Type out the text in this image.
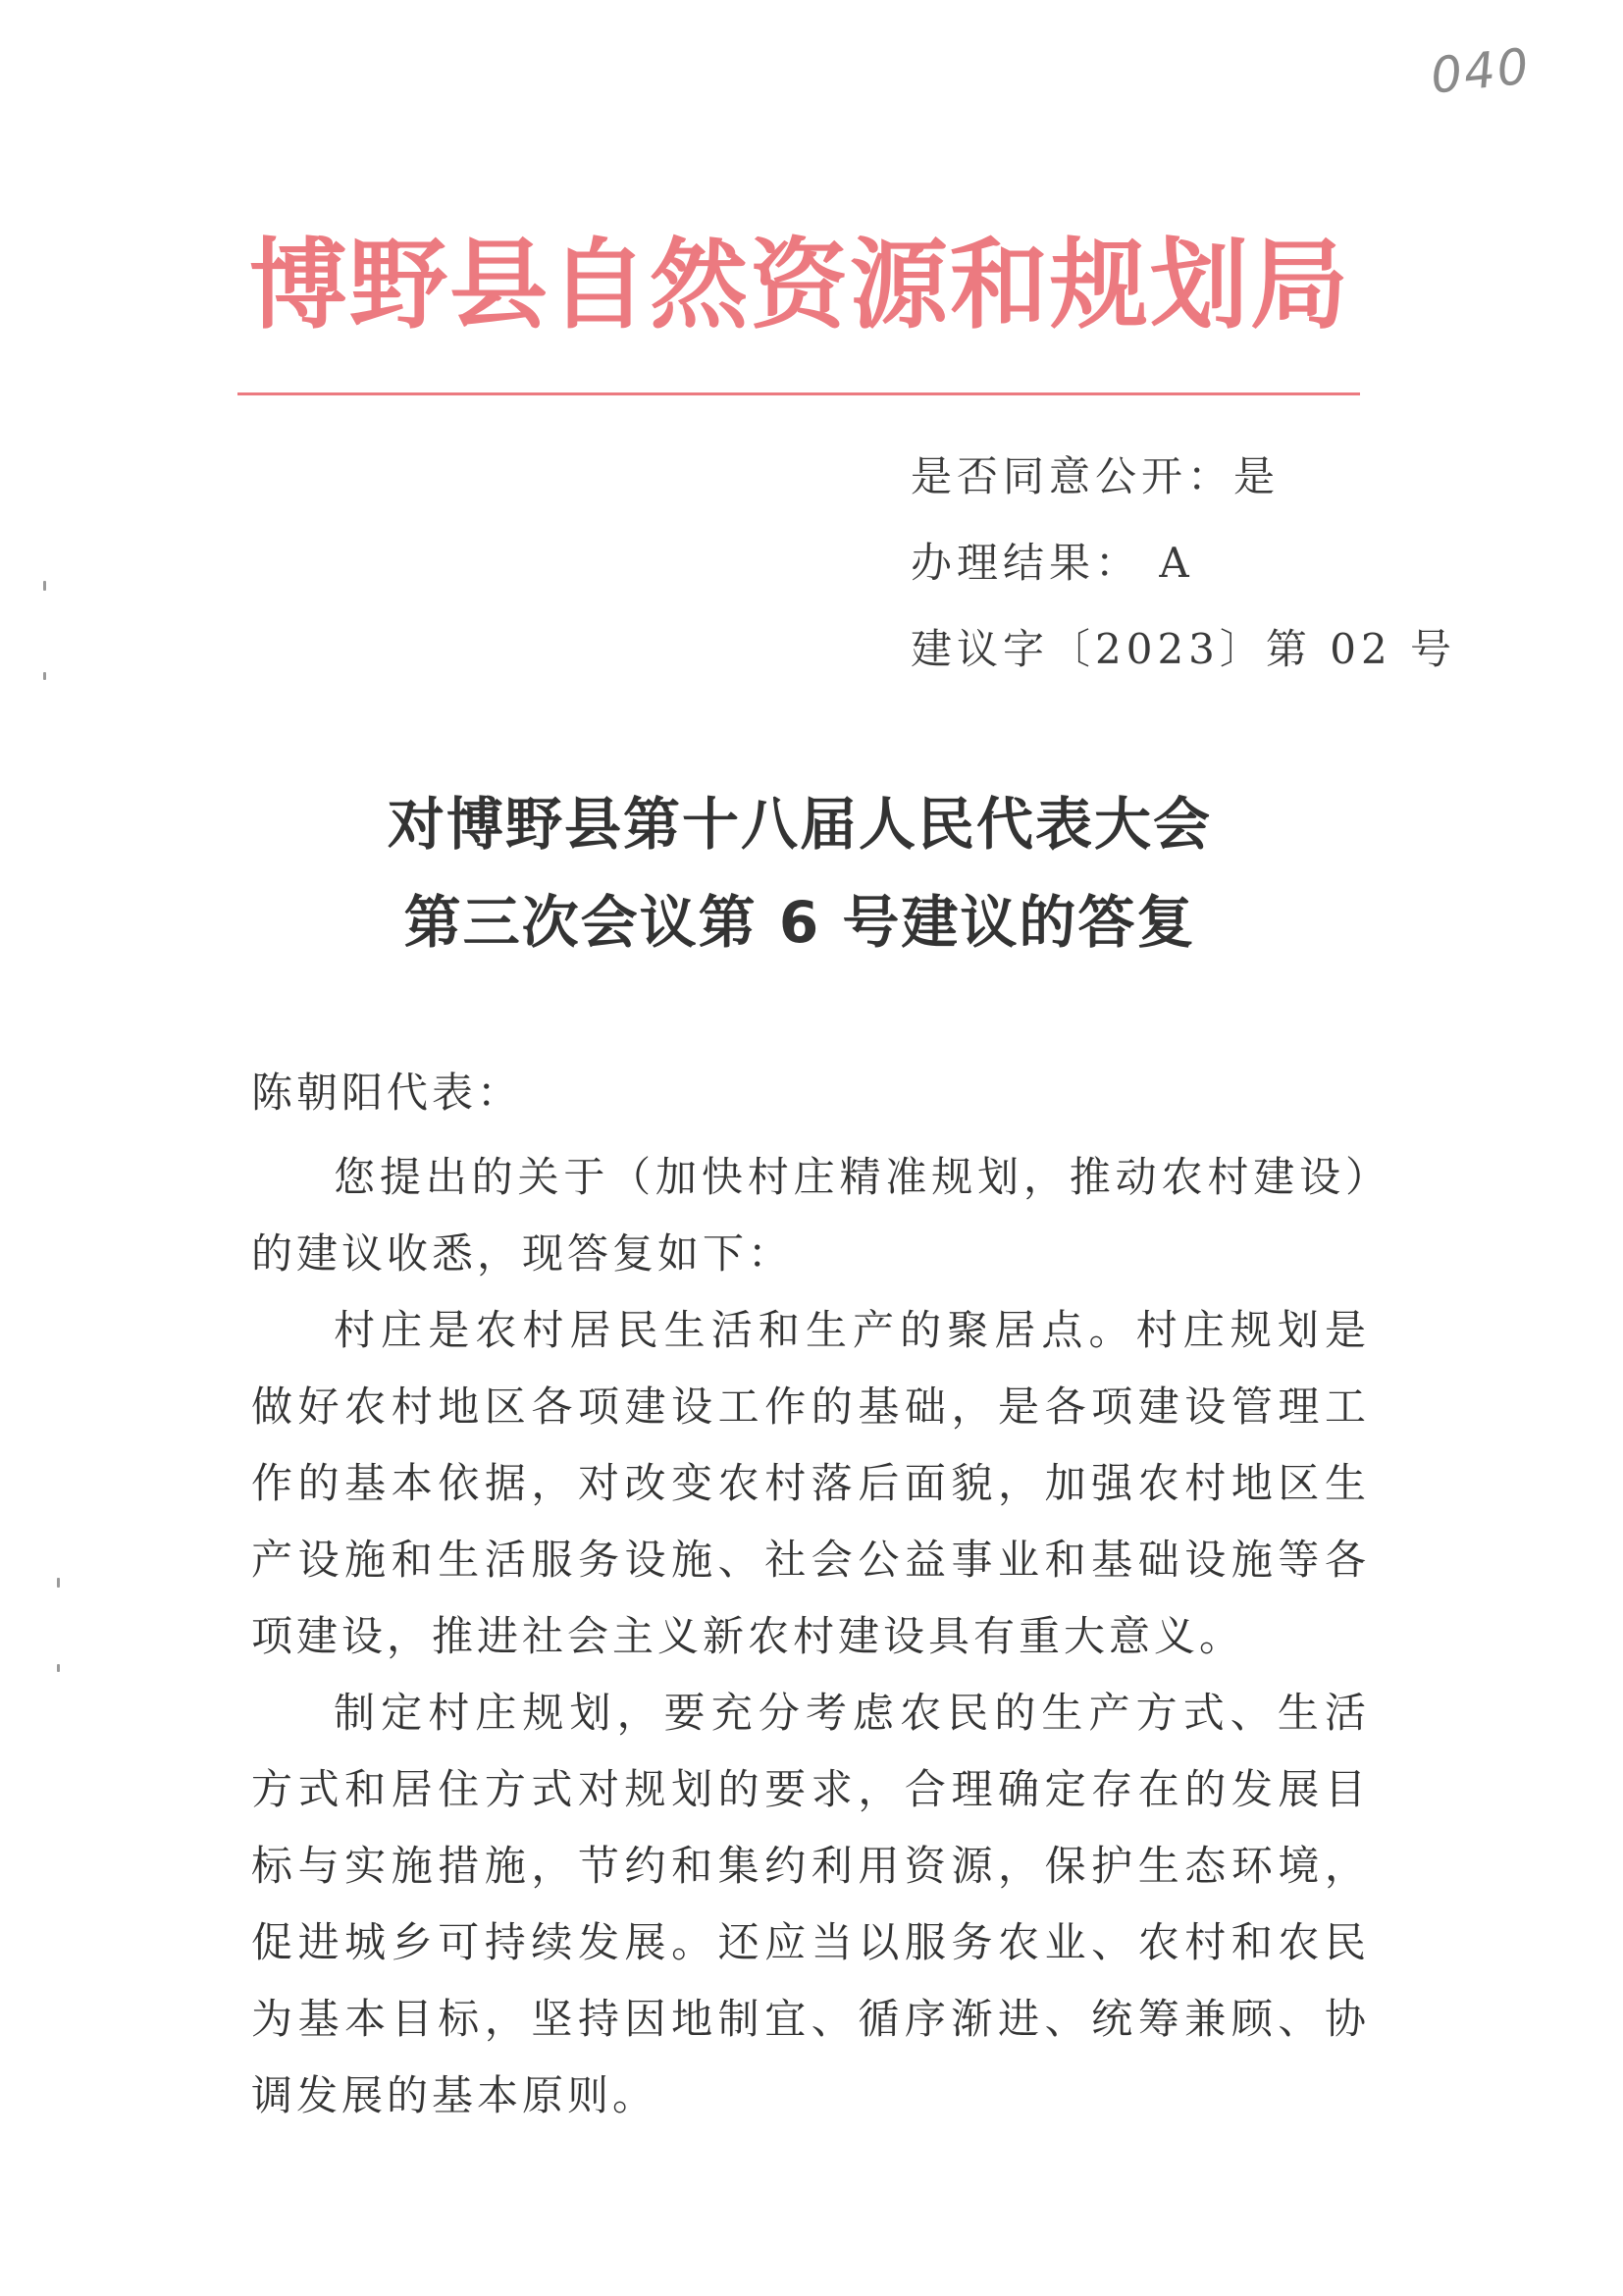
040
博野县自然资源和规划局
是否同意公开：是
办理结果： A
建议字〔2023〕第 02 号
对博野县第十八届人民代表大会
第三次会议第 6 号建议的答复

陈朝阳代表：

您提出的关于（加快村庄精准规划，推动农村建设）的建议收悉，现答复如下：

村庄是农村居民生活和生产的聚居点。村庄规划是做好农村地区各项建设工作的基础，是各项建设管理工作的基本依据，对改变农村落后面貌，加强农村地区生产设施和生活服务设施、社会公益事业和基础设施等各项建设，推进社会主义新农村建设具有重大意义。

制定村庄规划，要充分考虑农民的生产方式、生活方式和居住方式对规划的要求，合理确定存在的发展目标与实施措施，节约和集约利用资源，保护生态环境，促进城乡可持续发展。还应当以服务农业、农村和农民为基本目标，坚持因地制宜、循序渐进、统筹兼顾、协调发展的基本原则。
